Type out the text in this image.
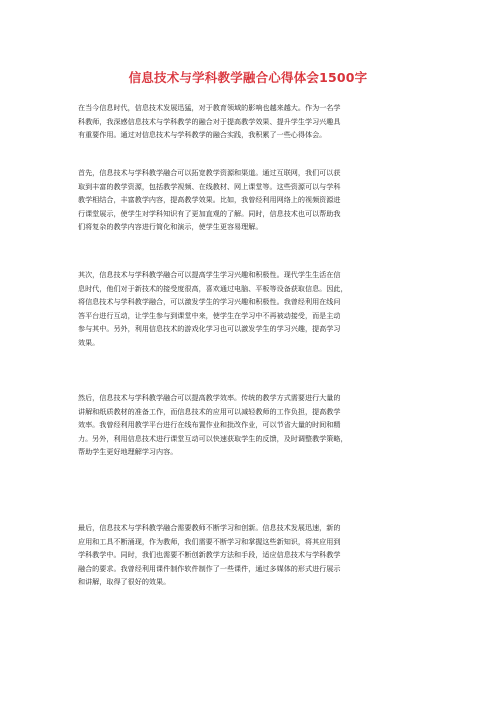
信息技术与学科教学融合心得体会1500字
在当今信息时代，信息技术发展迅猛，对于教育领域的影响也越来越大。作为一名学
科教师，我深感信息技术与学科教学的融合对于提高教学效果、提升学生学习兴趣具
有重要作用。通过对信息技术与学科教学的融合实践，我积累了一些心得体会。
首先，信息技术与学科教学融合可以拓宽教学资源和渠道。通过互联网，我们可以获
取到丰富的教学资源，包括教学视频、在线教材、网上课堂等。这些资源可以与学科
教学相结合，丰富教学内容，提高教学效果。比如，我曾经利用网络上的视频资源进
行课堂展示，使学生对学科知识有了更加直观的了解。同时，信息技术也可以帮助我
们将复杂的教学内容进行简化和演示，使学生更容易理解。
其次，信息技术与学科教学融合可以提高学生学习兴趣和积极性。现代学生生活在信
息时代，他们对于新技术的接受度很高，喜欢通过电脑、平板等设备获取信息。因此，
将信息技术与学科教学融合，可以激发学生的学习兴趣和积极性。我曾经利用在线问
答平台进行互动，让学生参与到课堂中来，使学生在学习中不再被动接受，而是主动
参与其中。另外，利用信息技术的游戏化学习也可以激发学生的学习兴趣，提高学习
效果。
然后，信息技术与学科教学融合可以提高教学效率。传统的教学方式需要进行大量的
讲解和纸质教材的准备工作，而信息技术的应用可以减轻教师的工作负担，提高教学
效率。我曾经利用教学平台进行在线布置作业和批改作业，可以节省大量的时间和精
力。另外，利用信息技术进行课堂互动可以快速获取学生的反馈，及时调整教学策略，
帮助学生更好地理解学习内容。
最后，信息技术与学科教学融合需要教师不断学习和创新。信息技术发展迅速，新的
应用和工具不断涌现，作为教师，我们需要不断学习和掌握这些新知识，将其应用到
学科教学中。同时，我们也需要不断创新教学方法和手段，适应信息技术与学科教学
融合的要求。我曾经利用课件制作软件制作了一些课件，通过多媒体的形式进行展示
和讲解，取得了很好的效果。
